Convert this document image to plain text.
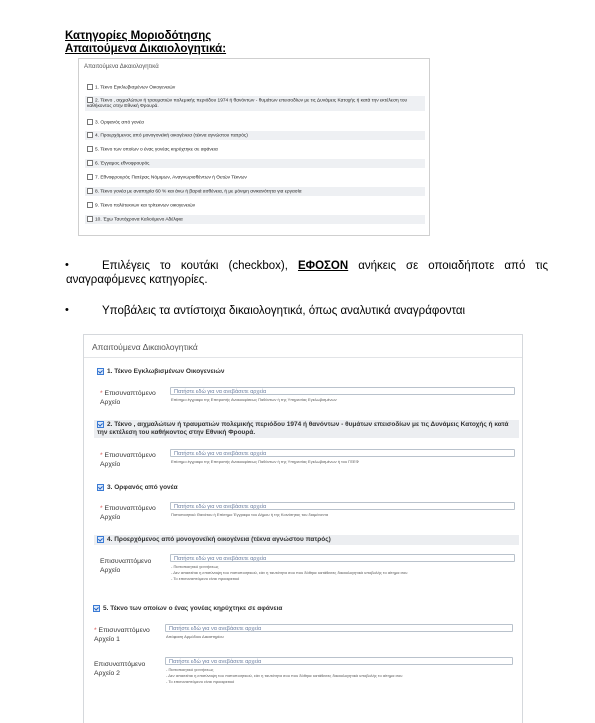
Κατηγορίες Μοριοδότησης
Απαιτούμενα Δικαιολογητικά:
Απαιτούμενα Δικαιολογητικά
1. Τέκνο Εγκλωβισμένων Οικογενειών
2. Τέκνο , αιχμαλώτων ή τραυματιών πολεμικής περιόδου 1974 ή θανόντων - θυμάτων επεισοδίων με τις Δυνάμεις Κατοχής ή κατά την εκτέλεση του καθήκοντος στην Εθνική Φρουρά.
3. Ορφανός από γονέα
4. Προερχόμενος από μονογονεϊκή οικογένεια (τέκνα αγνώστου πατρός)
5. Τέκνο των οποίων ο ένας γονέας κηρύχτηκε σε αφάνεια
6. Έγγαμος εθνοφρουρός
7. Εθνοφρουρός Πατέρας Νόμιμων, Αναγνωρισθέντων ή Θετών Τέκνων
8. Τέκνο γονέα με αναπηρία 60 % και άνω ή βαριά ασθένεια, ή με μόνιμη ανικανότητα για εργασία
9. Τέκνο πολύτεκνων και τρίτεκνων οικογενειών
10. Έχω Ταυτόχρονα Καλούμενο Αδέλφια
•	Επιλέγεις το κουτάκι (checkbox), ΕΦΟΣΟΝ ανήκεις σε οποιαδήποτε από τις αναγραφόμενες κατηγορίες.
•	Υποβάλεις τα αντίστοιχα δικαιολογητικά, όπως αναλυτικά αναγράφονται
Απαιτούμενα Δικαιολογητικά
1. Τέκνο Εγκλωβισμένων Οικογενειών
* Επισυναπτόμενο Αρχείο
Πατήστε εδώ για να ανεβάσετε αρχεία
Επίσημο έγγραφο της Επιτροπής Ανακουφίσεως Παθόντων ή της Υπηρεσίας Εγκλωβισμένων
2. Τέκνο , αιχμαλώτων ή τραυματιών πολεμικής περιόδου 1974 ή θανόντων - θυμάτων επεισοδίων με τις Δυνάμεις Κατοχής ή κατά την εκτέλεση του καθήκοντος στην Εθνική Φρουρά.
* Επισυναπτόμενο Αρχείο
Πατήστε εδώ για να ανεβάσετε αρχεία
Επίσημο έγγραφο της Επιτροπής Ανακουφίσεως Παθόντων ή της Υπηρεσίας Εγκλωβισμένων ή του ΓΕΕΦ
3. Ορφανός από γονέα
* Επισυναπτόμενο Αρχείο
Πατήστε εδώ για να ανεβάσετε αρχεία
Πιστοποιητικό Θανάτου ή Επίσημο Έγγραφο του Δήμου ή της Κοινότητας του διαμένοντα
4. Προερχόμενος από μονογονεϊκή οικογένεια (τέκνα αγνώστου πατρός)
Επισυναπτόμενο Αρχείο
Πατήστε εδώ για να ανεβάσετε αρχεία
- Πιστοποιητικό γεννήσεως
- Δεν απαιτείται η επισύναψη του πιστοποιητικού, εάν η ταυτότητα σου που δόθηκε κατάθεσες δικαιολογητικά υποβολής το αίτημα σου
- Το επισυναπτόμενο είναι προαιρετικό
5. Τέκνο των οποίων ο ένας γονέας κηρύχτηκε σε αφάνεια
* Επισυναπτόμενο Αρχείο 1
Πατήστε εδώ για να ανεβάσετε αρχεία
Απόφαση Αρμόδιου Δικαστηρίου
Επισυναπτόμενο Αρχείο 2
Πατήστε εδώ για να ανεβάσετε αρχεία
- Πιστοποιητικό γεννήσεως
- Δεν απαιτείται η επισύναψη του πιστοποιητικού, εάν η ταυτότητα σου που δόθηκε κατάθεσες δικαιολογητικά υποβολής το αίτημα σου
- Το επισυναπτόμενο είναι προαιρετικό
